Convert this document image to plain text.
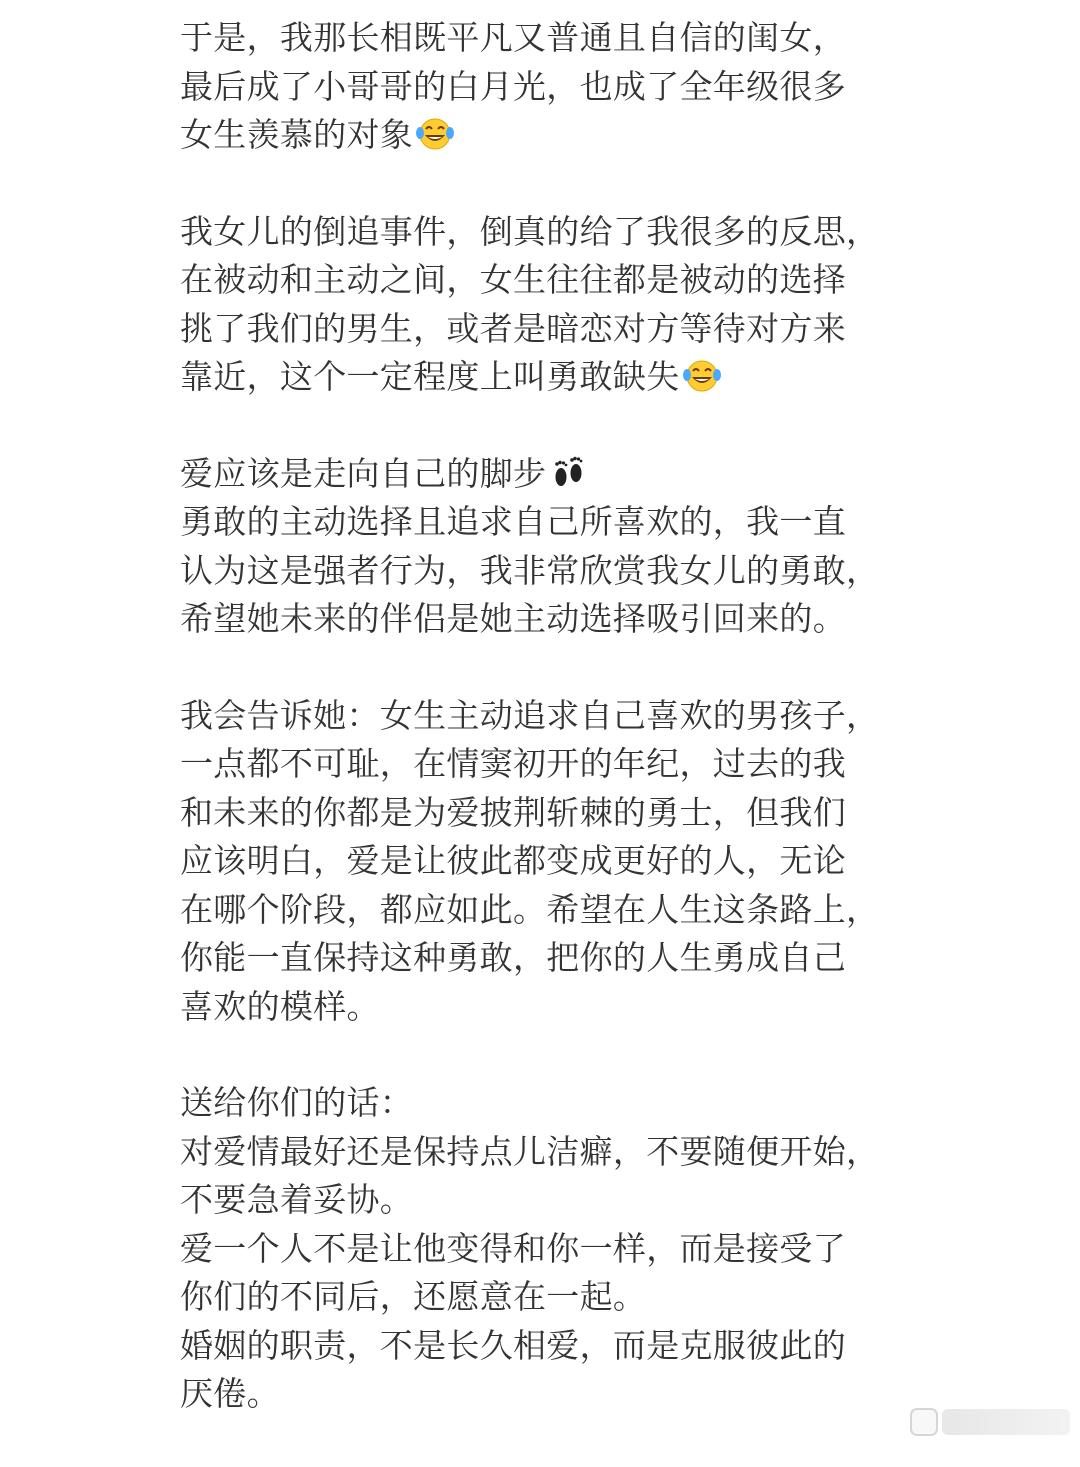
于是，我那长相既平凡又普通且自信的闺女，
最后成了小哥哥的白月光，也成了全年级很多
女生羡慕的对象
我女儿的倒追事件，倒真的给了我很多的反思，
在被动和主动之间，女生往往都是被动的选择
挑了我们的男生，或者是暗恋对方等待对方来
靠近，这个一定程度上叫勇敢缺失
爱应该是走向自己的脚步
勇敢的主动选择且追求自己所喜欢的，我一直
认为这是强者行为，我非常欣赏我女儿的勇敢，
希望她未来的伴侣是她主动选择吸引回来的。
我会告诉她：女生主动追求自己喜欢的男孩子，
一点都不可耻，在情窦初开的年纪，过去的我
和未来的你都是为爱披荆斩棘的勇士，但我们
应该明白，爱是让彼此都变成更好的人，无论
在哪个阶段，都应如此。希望在人生这条路上，
你能一直保持这种勇敢，把你的人生勇成自己
喜欢的模样。
送给你们的话：
对爱情最好还是保持点儿洁癖，不要随便开始，
不要急着妥协。
爱一个人不是让他变得和你一样，而是接受了
你们的不同后，还愿意在一起。
婚姻的职责，不是长久相爱，而是克服彼此的
厌倦。
